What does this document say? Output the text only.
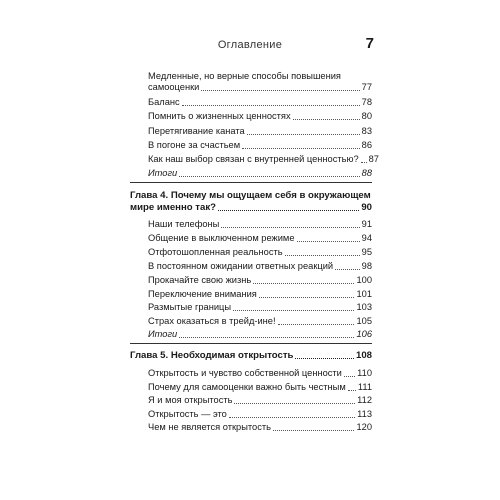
Оглавление	7
Медленные, но верные способы повышения
самооценки	77
Баланс	78
Помнить о жизненных ценностях	80
Перетягивание каната	83
В погоне за счастьем	86
Как наш выбор связан с внутренней ценностью? 87
Итоги	88
Глава 4. Почему мы ощущаем себя в окружающем
мире именно так?	90
Наши телефоны	91
Общение в выключенном режиме	94
Отфотошопленная реальность	95
В постоянном ожидании ответных реакций	98
Прокачайте свою жизнь	100
Переключение внимания	101
Размытые границы	103
Страх оказаться в трейд-ине!	105
Итоги	106
Глава 5. Необходимая открытость	108
Открытость и чувство собственной ценности 110
Почему для самооценки важно быть честным 111
Я и моя открытость	112
Открытость — это	113
Чем не является открытость	120
